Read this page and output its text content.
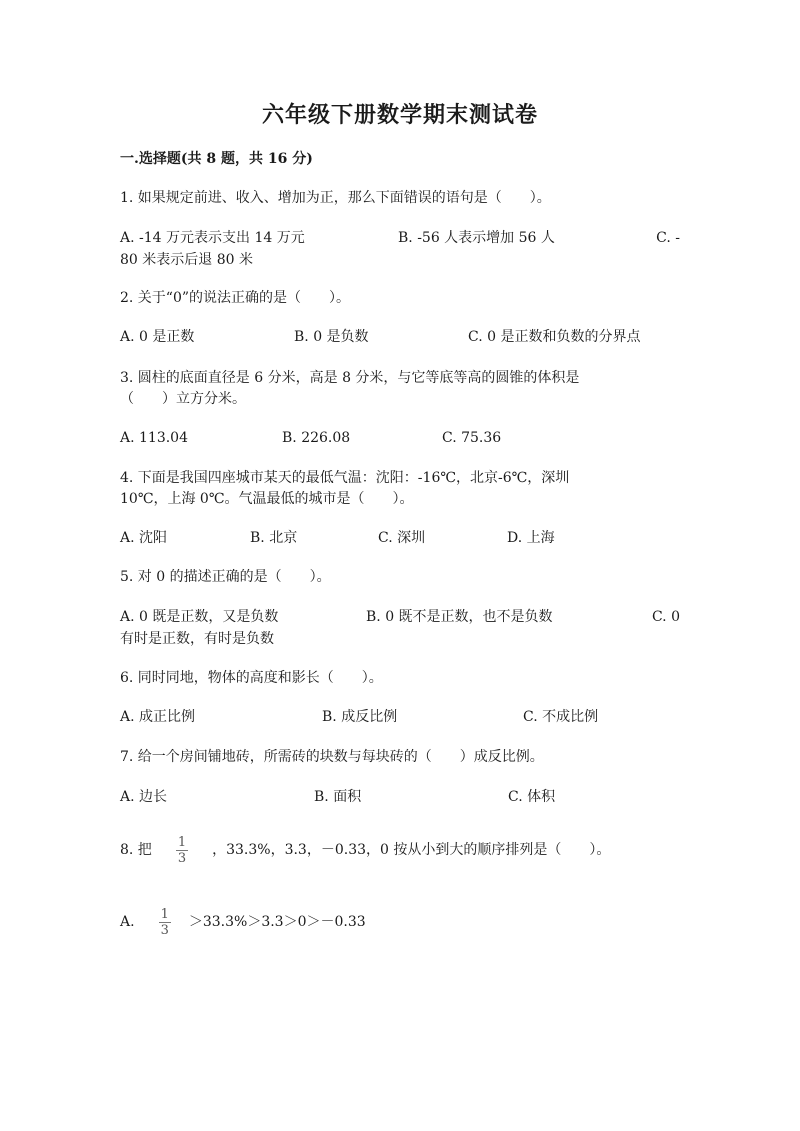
六年级下册数学期末测试卷
一.选择题(共 8 题，共 16 分)
1. 如果规定前进、收入、增加为正，那么下面错误的语句是（　　）。
A. -14 万元表示支出 14 万元	B. -56 人表示增加 56 人	C. -
80 米表示后退 80 米
2. 关于“0”的说法正确的是（　　）。
A. 0 是正数	B. 0 是负数	C. 0 是正数和负数的分界点
3. 圆柱的底面直径是 6 分米，高是 8 分米，与它等底等高的圆锥的体积是
（　　）立方分米。
A. 113.04	B. 226.08	C. 75.36
4. 下面是我国四座城市某天的最低气温：沈阳：-16℃，北京-6℃，深圳
10℃，上海 0℃。气温最低的城市是（　　）。
A. 沈阳	B. 北京	C. 深圳	D. 上海
5. 对 0 的描述正确的是（　　）。
A. 0 既是正数，又是负数	B. 0 既不是正数，也不是负数	C. 0
有时是正数，有时是负数
6. 同时同地，物体的高度和影长（　　）。
A. 成正比例	B. 成反比例	C. 不成比例
7. 给一个房间铺地砖，所需砖的块数与每块砖的（　　）成反比例。
A. 边长	B. 面积	C. 体积
8. 把 $\frac{1}{3}$ ，33.3%，3.3，－0.33，0 按从小到大的顺序排列是（　　）。
A. $\frac{1}{3} >33.3\%>3.3>0>-0.33$
